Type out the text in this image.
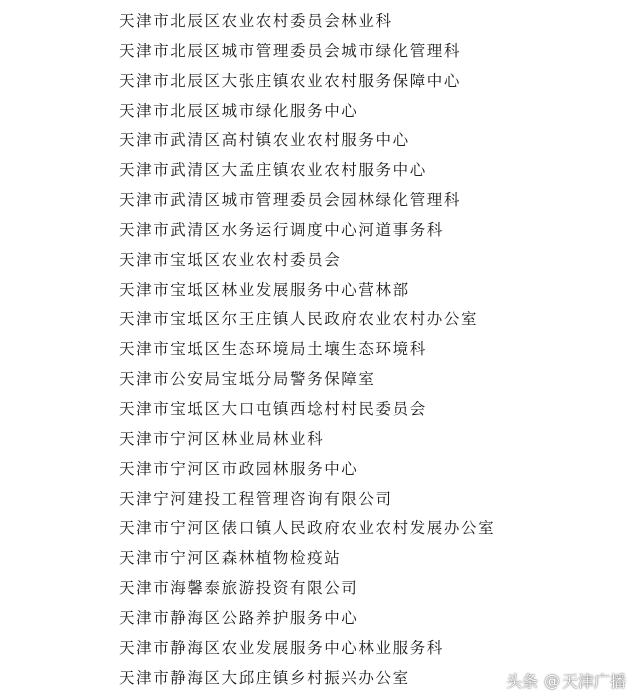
天津市北辰区农业农村委员会林业科
天津市北辰区城市管理委员会城市绿化管理科
天津市北辰区大张庄镇农业农村服务保障中心
天津市北辰区城市绿化服务中心
天津市武清区高村镇农业农村服务中心
天津市武清区大孟庄镇农业农村服务中心
天津市武清区城市管理委员会园林绿化管理科
天津市武清区水务运行调度中心河道事务科
天津市宝坻区农业农村委员会
天津市宝坻区林业发展服务中心营林部
天津市宝坻区尔王庄镇人民政府农业农村办公室
天津市宝坻区生态环境局土壤生态环境科
天津市公安局宝坻分局警务保障室
天津市宝坻区大口屯镇西埝村村民委员会
天津市宁河区林业局林业科
天津市宁河区市政园林服务中心
天津宁河建投工程管理咨询有限公司
天津市宁河区俵口镇人民政府农业农村发展办公室
天津市宁河区森林植物检疫站
天津市海馨泰旅游投资有限公司
天津市静海区公路养护服务中心
天津市静海区农业发展服务中心林业服务科
天津市静海区大邱庄镇乡村振兴办公室	头条 @ 天津广播
